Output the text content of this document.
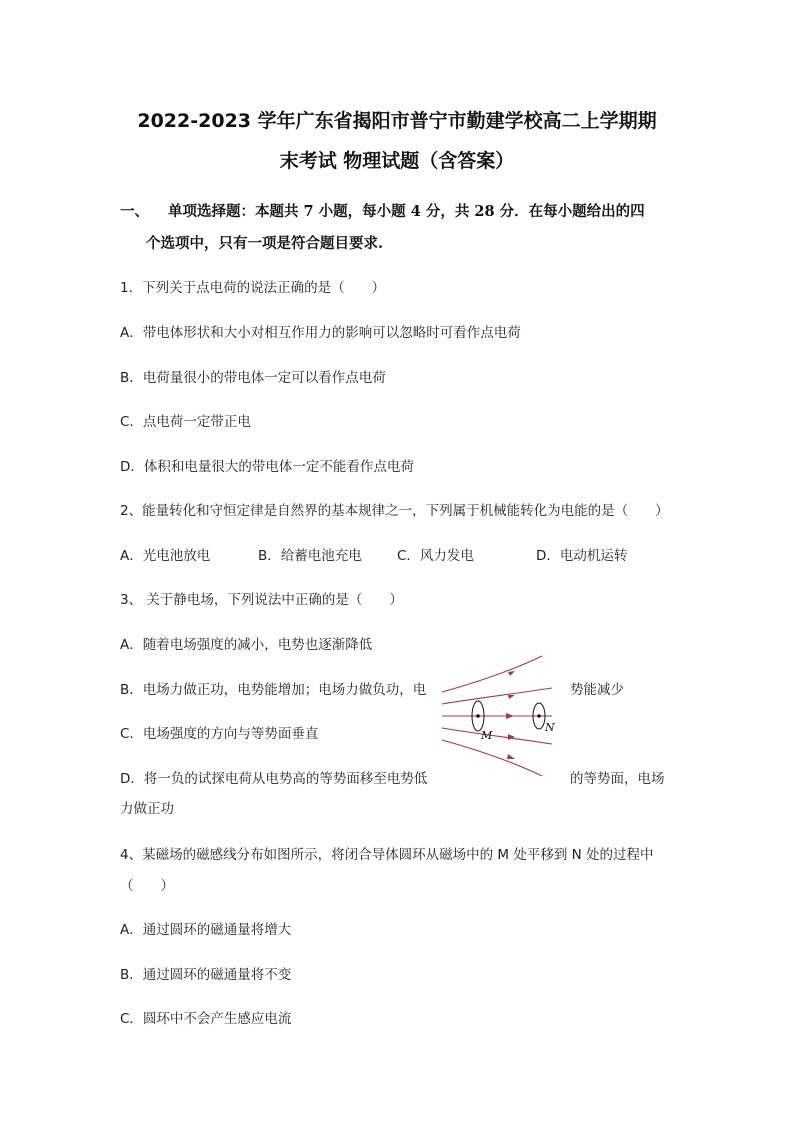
2022-2023 学年广东省揭阳市普宁市勤建学校高二上学期期
末考试 物理试题（含答案）
一、 单项选择题：本题共 7 小题，每小题 4 分，共 28 分．在每小题给出的四
个选项中，只有一项是符合题目要求.
1．下列关于点电荷的说法正确的是（　　）
A．带电体形状和大小对相互作用力的影响可以忽略时可看作点电荷
B．电荷量很小的带电体一定可以看作点电荷
C．点电荷一定带正电
D．体积和电量很大的带电体一定不能看作点电荷
2、能量转化和守恒定律是自然界的基本规律之一，下列属于机械能转化为电能的是（　　）
A．光电池放电	B．给蓄电池充电	C．风力发电	D．电动机运转
3、 关于静电场，下列说法中正确的是（　　）
A．随着电场强度的减小，电势也逐渐降低
B．电场力做正功，电势能增加；电场力做负功，电	势能减少
C．电场强度的方向与等势面垂直
D．将一负的试探电荷从电势高的等势面移至电势低	的等势面，电场
力做正功
4、某磁场的磁感线分布如图所示，将闭合导体圆环从磁场中的 M 处平移到 N 处的过程中
（　　）
A．通过圆环的磁通量将增大
B．通过圆环的磁通量将不变
C．圆环中不会产生感应电流
M
N
